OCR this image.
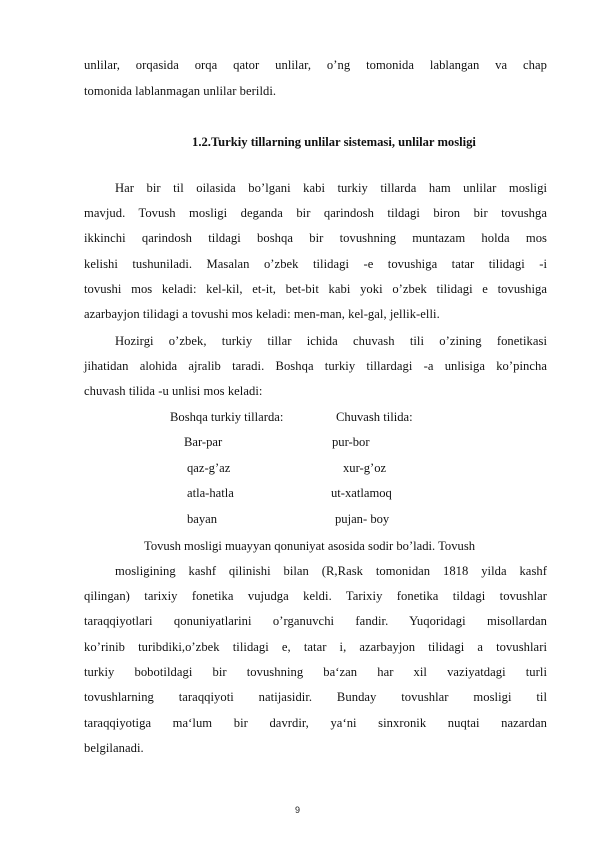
unlilar, orqasida orqa qator unlilar, o’ng tomonida lablangan va chap
tomonida lablanmagan unlilar berildi.
1.2.Turkiy tillarning unlilar sistemasi, unlilar mosligi
Har bir til oilasida bo’lgani kabi turkiy tillarda ham unlilar mosligi
mavjud. Tovush mosligi deganda bir qarindosh tildagi biron bir tovushga
ikkinchi qarindosh tildagi boshqa bir tovushning muntazam holda mos
kelishi tushuniladi. Masalan o’zbek tilidagi -e tovushiga tatar tilidagi -i
tovushi mos keladi: kel-kil, et-it, bet-bit kabi yoki o’zbek tilidagi e tovushiga
azarbayjon tilidagi a tovushi mos keladi: men-man, kel-gal, jellik-elli.
Hozirgi o’zbek, turkiy tillar ichida chuvash tili o’zining fonetikasi
jihatidan alohida ajralib taradi. Boshqa turkiy tillardagi -a unlisiga ko’pincha
chuvash tilida -u unlisi mos keladi:
Boshqa turkiy tillarda:	Chuvash tilida:
Bar-par	pur-bor
qaz-g’az	xur-g’oz
atla-hatla	ut-xatlamoq
bayan	pujan- boy
Tovush mosligi muayyan qonuniyat asosida sodir bo’ladi. Tovush
mosligining kashf qilinishi bilan (R,Rask tomonidan 1818 yilda kashf
qilingan) tarixiy fonetika vujudga keldi. Tarixiy fonetika tildagi tovushlar
taraqqiyotlari qonuniyatlarini o’rganuvchi fandir. Yuqoridagi misollardan
ko’rinib turibdiki,o’zbek tilidagi e, tatar i, azarbayjon tilidagi a tovushlari
turkiy bobotildagi bir tovushning ba‘zan har xil vaziyatdagi turli
tovushlarning taraqqiyoti natijasidir. Bunday tovushlar mosligi til
taraqqiyotiga ma‘lum bir davrdir, ya‘ni sinxronik nuqtai nazardan
belgilanadi.
9
